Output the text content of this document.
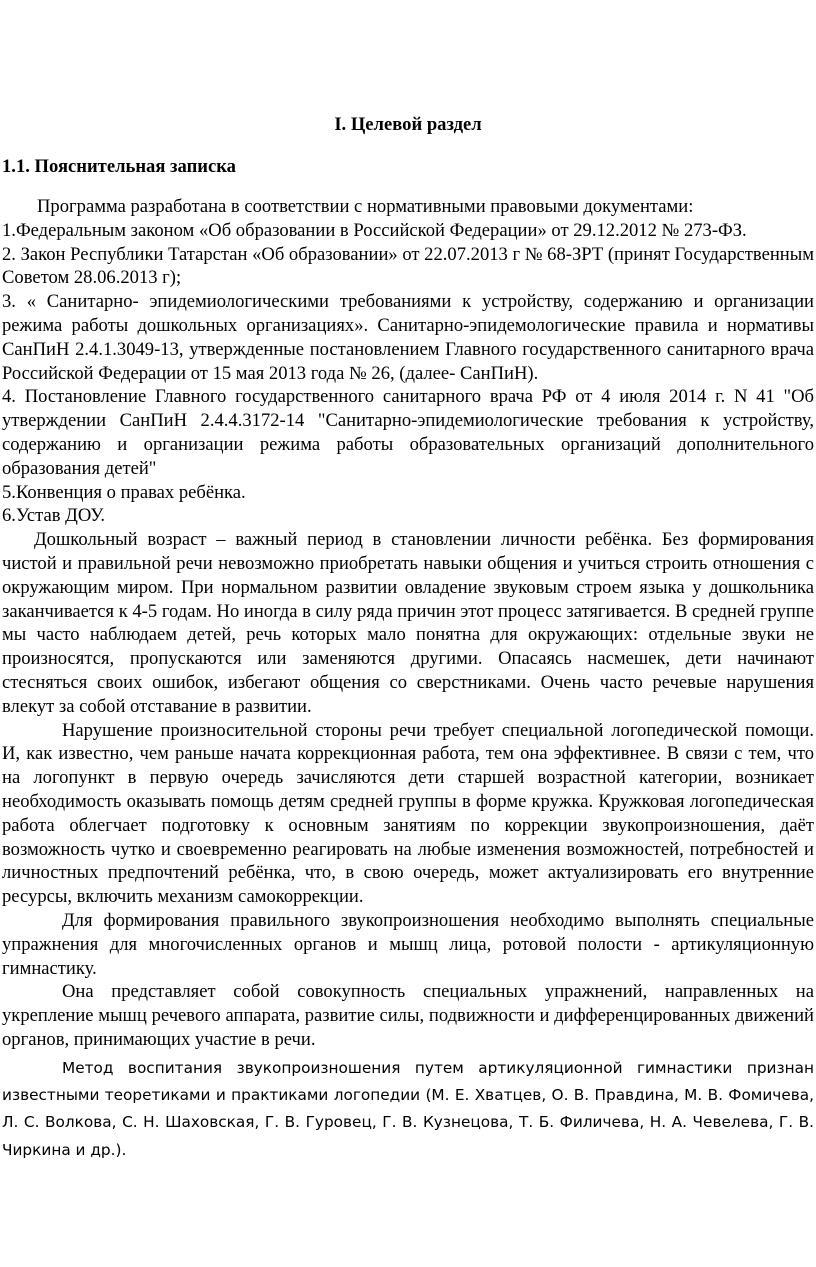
I. Целевой раздел
1.1. Пояснительная записка

Программа разработана в соответствии с нормативными правовыми документами:

1.Федеральным законом «Об образовании в Российской Федерации» от 29.12.2012 № 273-ФЗ.

2. Закон Республики Татарстан «Об образовании» от 22.07.2013 г № 68-ЗРТ (принят Государственным Советом 28.06.2013 г);

3. « Санитарно- эпидемиологическими требованиями к устройству, содержанию и организации режима работы дошкольных организациях». Санитарно-эпидемологические правила и нормативы СанПиН 2.4.1.3049-13, утвержденные постановлением Главного государственного санитарного врача Российской Федерации от 15 мая 2013 года № 26, (далее- СанПиН).

4. Постановление Главного государственного санитарного врача РФ от 4 июля 2014 г. N 41 "Об утверждении СанПиН 2.4.4.3172-14 "Санитарно-эпидемиологические требования к устройству, содержанию и организации режима работы образовательных организаций дополнительного образования детей"

5.Конвенция о правах ребёнка.

6.Устав ДОУ.

Дошкольный возраст – важный период в становлении личности ребёнка. Без формирования чистой и правильной речи невозможно приобретать навыки общения и учиться строить отношения с окружающим миром. При нормальном развитии овладение звуковым строем языка у дошкольника заканчивается к 4-5 годам. Но иногда в силу ряда причин этот процесс затягивается. В средней группе мы часто наблюдаем детей, речь которых мало понятна для окружающих: отдельные звуки не произносятся, пропускаются или заменяются другими. Опасаясь насмешек, дети начинают стесняться своих ошибок, избегают общения со сверстниками. Очень часто речевые нарушения влекут за собой отставание в развитии.

Нарушение произносительной стороны речи требует специальной логопедической помощи. И, как известно, чем раньше начата коррекционная работа, тем она эффективнее. В связи с тем, что на логопункт в первую очередь зачисляются дети старшей возрастной категории, возникает необходимость оказывать помощь детям средней группы в форме кружка. Кружковая логопедическая работа облегчает подготовку к основным занятиям по коррекции звукопроизношения, даёт возможность чутко и своевременно реагировать на любые изменения возможностей, потребностей и личностных предпочтений ребёнка, что, в свою очередь, может актуализировать его внутренние ресурсы, включить механизм самокоррекции.

Для формирования правильного звукопроизношения необходимо выполнять специальные упражнения для многочисленных органов и мышц лица, ротовой полости - артикуляционную гимнастику.

Она представляет собой совокупность специальных упражнений, направленных на укрепление мышц речевого аппарата, развитие силы, подвижности и дифференцированных движений органов, принимающих участие в речи.

Метод воспитания звукопроизношения путем артикуляционной гимнастики признан известными теоретиками и практиками логопедии (М. Е. Хватцев, О. В. Правдина, М. В. Фомичева, Л. С. Волкова, С. Н. Шаховская, Г. В. Гуровец, Г. В. Кузнецова, Т. Б. Филичева, Н. А. Чевелева, Г. В. Чиркина и др.).
